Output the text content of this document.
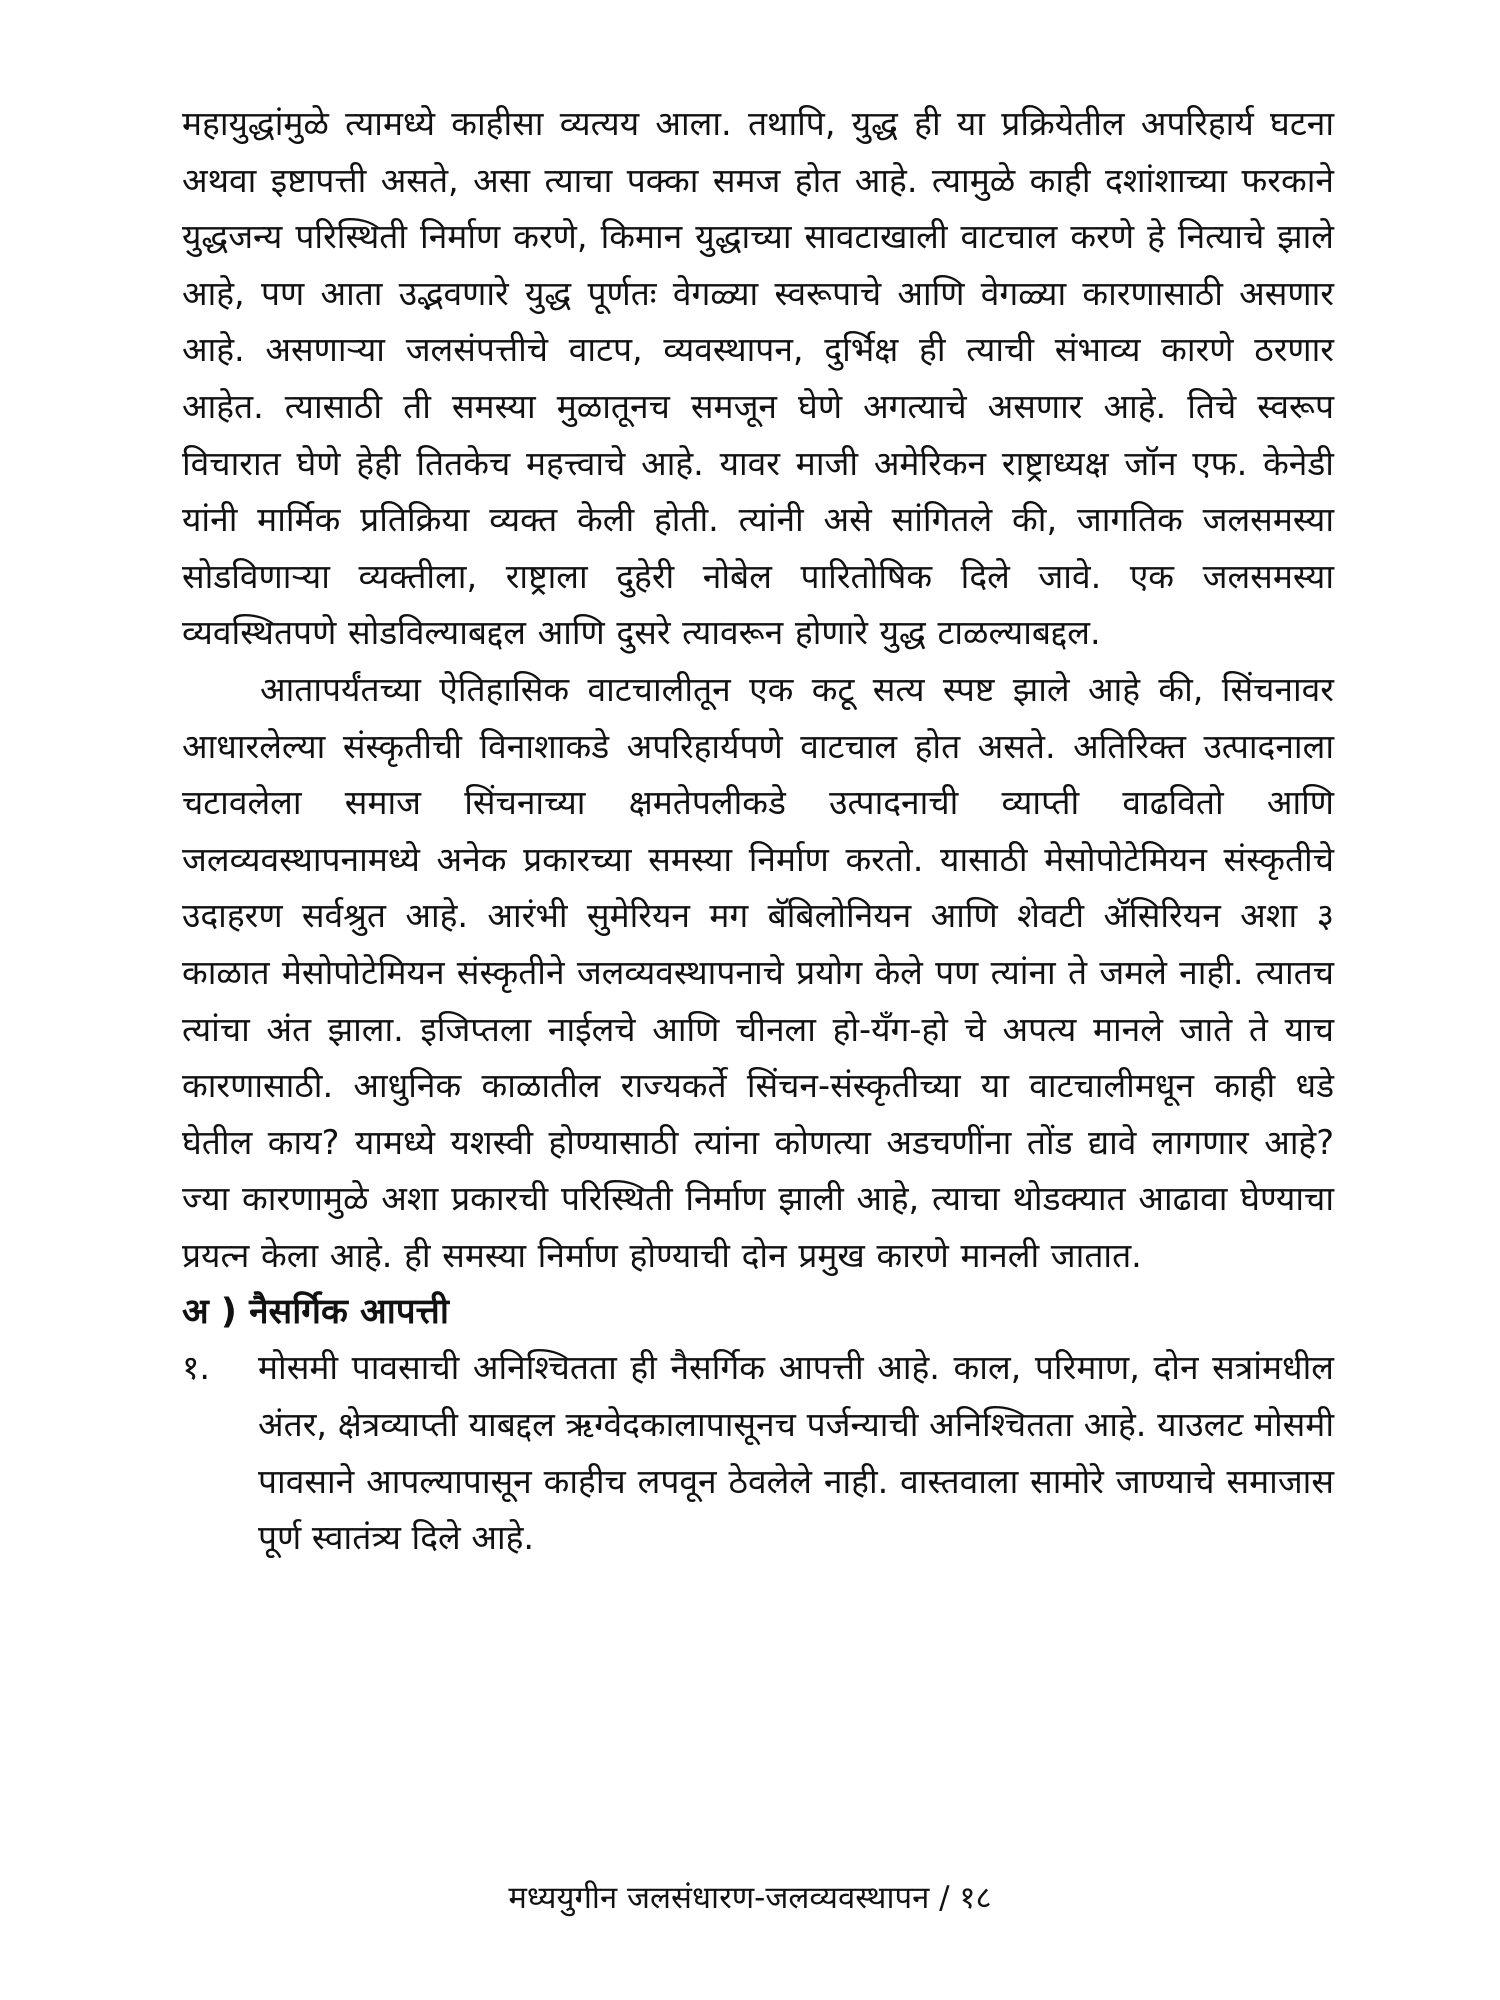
महायुद्धांमुळे त्यामध्ये काहीसा व्यत्यय आला. तथापि, युद्ध ही या प्रक्रियेतील अपरिहार्य घटना अथवा इष्टापत्ती असते, असा त्याचा पक्का समज होत आहे. त्यामुळे काही दशांशाच्या फरकाने युद्धजन्य परिस्थिती निर्माण करणे, किमान युद्धाच्या सावटाखाली वाटचाल करणे हे नित्याचे झाले आहे, पण आता उद्भवणारे युद्ध पूर्णतः वेगळ्या स्वरूपाचे आणि वेगळ्या कारणासाठी असणार आहे. असणाऱ्या जलसंपत्तीचे वाटप, व्यवस्थापन, दुर्भिक्ष ही त्याची संभाव्य कारणे ठरणार आहेत. त्यासाठी ती समस्या मुळातूनच समजून घेणे अगत्याचे असणार आहे. तिचे स्वरूप विचारात घेणे हेही तितकेच महत्त्वाचे आहे. यावर माजी अमेरिकन राष्ट्राध्यक्ष जॉन एफ. केनेडी यांनी मार्मिक प्रतिक्रिया व्यक्त केली होती. त्यांनी असे सांगितले की, जागतिक जलसमस्या सोडविणाऱ्या व्यक्तीला, राष्ट्राला दुहेरी नोबेल पारितोषिक दिले जावे. एक जलसमस्या व्यवस्थितपणे सोडविल्याबद्दल आणि दुसरे त्यावरून होणारे युद्ध टाळल्याबद्दल.

आतापर्यंतच्या ऐतिहासिक वाटचालीतून एक कटू सत्य स्पष्ट झाले आहे की, सिंचनावर आधारलेल्या संस्कृतीची विनाशाकडे अपरिहार्यपणे वाटचाल होत असते. अतिरिक्त उत्पादनाला चटावलेला समाज सिंचनाच्या क्षमतेपलीकडे उत्पादनाची व्याप्ती वाढवितो आणि जलव्यवस्थापनामध्ये अनेक प्रकारच्या समस्या निर्माण करतो. यासाठी मेसोपोटेमियन संस्कृतीचे उदाहरण सर्वश्रुत आहे. आरंभी सुमेरियन मग बॅबिलोनियन आणि शेवटी ॲसिरियन अशा ३ काळात मेसोपोटेमियन संस्कृतीने जलव्यवस्थापनाचे प्रयोग केले पण त्यांना ते जमले नाही. त्यातच त्यांचा अंत झाला. इजिप्तला नाईलचे आणि चीनला हो-यॅंग-हो चे अपत्य मानले जाते ते याच कारणासाठी. आधुनिक काळातील राज्यकर्ते सिंचन-संस्कृतीच्या या वाटचालीमधून काही धडे घेतील काय? यामध्ये यशस्वी होण्यासाठी त्यांना कोणत्या अडचणींना तोंड द्यावे लागणार आहे? ज्या कारणामुळे अशा प्रकारची परिस्थिती निर्माण झाली आहे, त्याचा थोडक्यात आढावा घेण्याचा प्रयत्न केला आहे. ही समस्या निर्माण होण्याची दोन प्रमुख कारणे मानली जातात.

अ ) नैसर्गिक आपत्ती
१.	मोसमी पावसाची अनिश्चितता ही नैसर्गिक आपत्ती आहे. काल, परिमाण, दोन सत्रांमधील अंतर, क्षेत्रव्याप्ती याबद्दल ऋग्वेदकालापासूनच पर्जन्याची अनिश्चितता आहे. याउलट मोसमी पावसाने आपल्यापासून काहीच लपवून ठेवलेले नाही. वास्तवाला सामोरे जाण्याचे समाजास पूर्ण स्वातंत्र्य दिले आहे.

मध्ययुगीन जलसंधारण-जलव्यवस्थापन / १८
